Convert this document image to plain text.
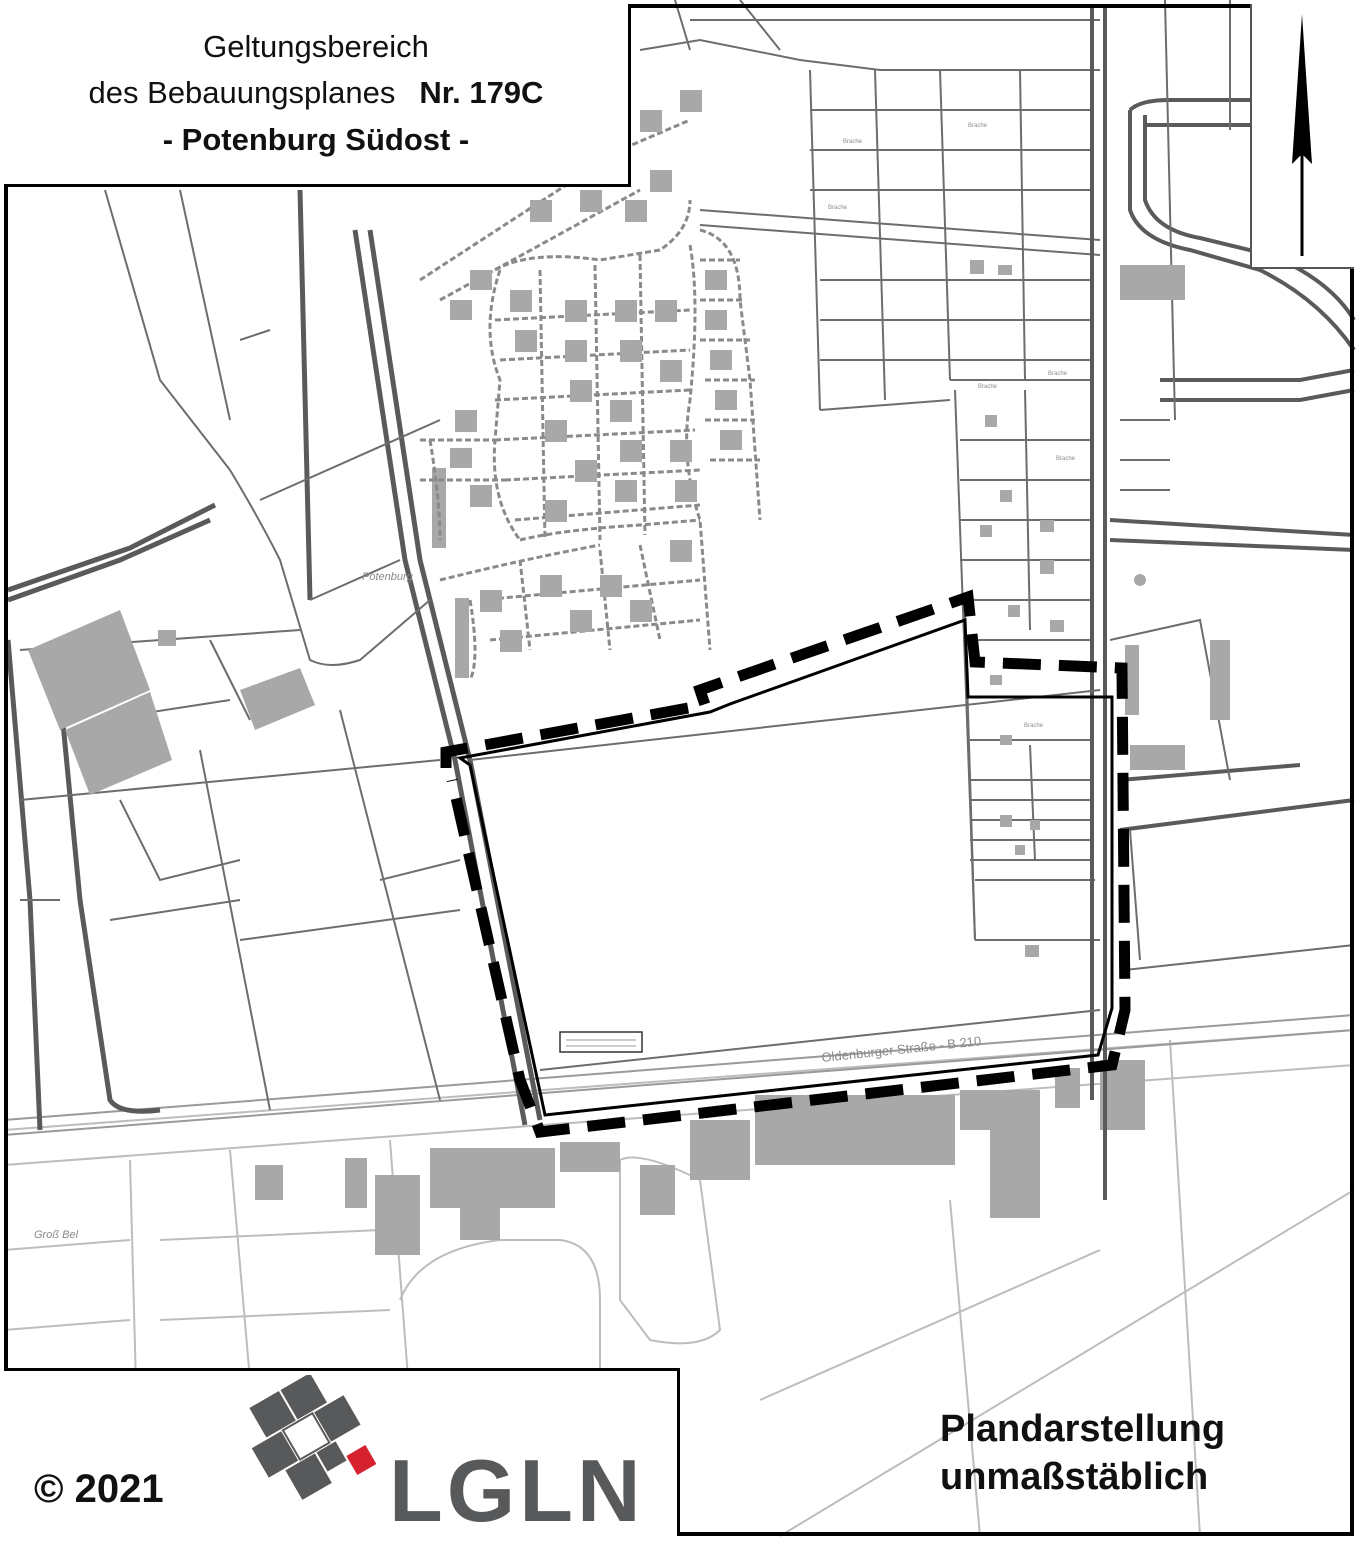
Potenburg
Groß Bel
Brache
Brache
Brache
Brache
Brache
Brache
Brache
Oldenburger Straße - B 210
Geltungsbereich
des Bebauungsplanes Nr. 179C
- Potenburg Südost -
© 2021	LGLN
Plandarstellung
unmaßstäblich
